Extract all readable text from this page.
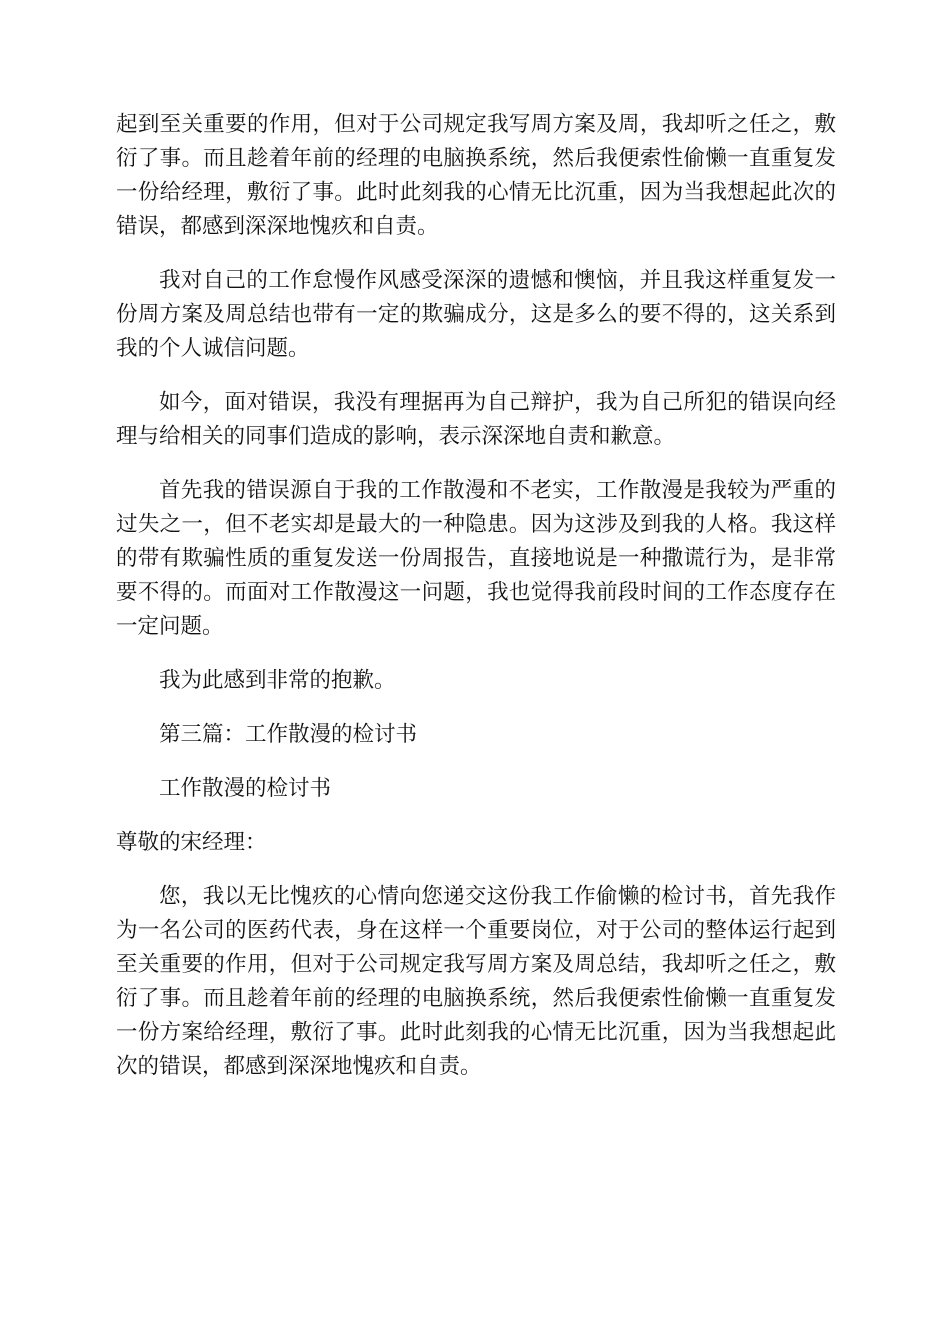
起到至关重要的作用，但对于公司规定我写周方案及周，我却听之任之，敷衍了事。而且趁着年前的经理的电脑换系统，然后我便索性偷懒一直重复发一份给经理，敷衍了事。此时此刻我的心情无比沉重，因为当我想起此次的错误，都感到深深地愧疚和自责。

我对自己的工作怠慢作风感受深深的遗憾和懊恼，并且我这样重复发一份周方案及周总结也带有一定的欺骗成分，这是多么的要不得的，这关系到我的个人诚信问题。

如今，面对错误，我没有理据再为自己辩护，我为自己所犯的错误向经理与给相关的同事们造成的影响，表示深深地自责和歉意。

首先我的错误源自于我的工作散漫和不老实，工作散漫是我较为严重的过失之一，但不老实却是最大的一种隐患。因为这涉及到我的人格。我这样的带有欺骗性质的重复发送一份周报告，直接地说是一种撒谎行为，是非常要不得的。而面对工作散漫这一问题，我也觉得我前段时间的工作态度存在一定问题。

我为此感到非常的抱歉。

第三篇：工作散漫的检讨书

工作散漫的检讨书

尊敬的宋经理：

您，我以无比愧疚的心情向您递交这份我工作偷懒的检讨书，首先我作为一名公司的医药代表，身在这样一个重要岗位，对于公司的整体运行起到至关重要的作用，但对于公司规定我写周方案及周总结，我却听之任之，敷衍了事。而且趁着年前的经理的电脑换系统，然后我便索性偷懒一直重复发一份方案给经理，敷衍了事。此时此刻我的心情无比沉重，因为当我想起此次的错误，都感到深深地愧疚和自责。
